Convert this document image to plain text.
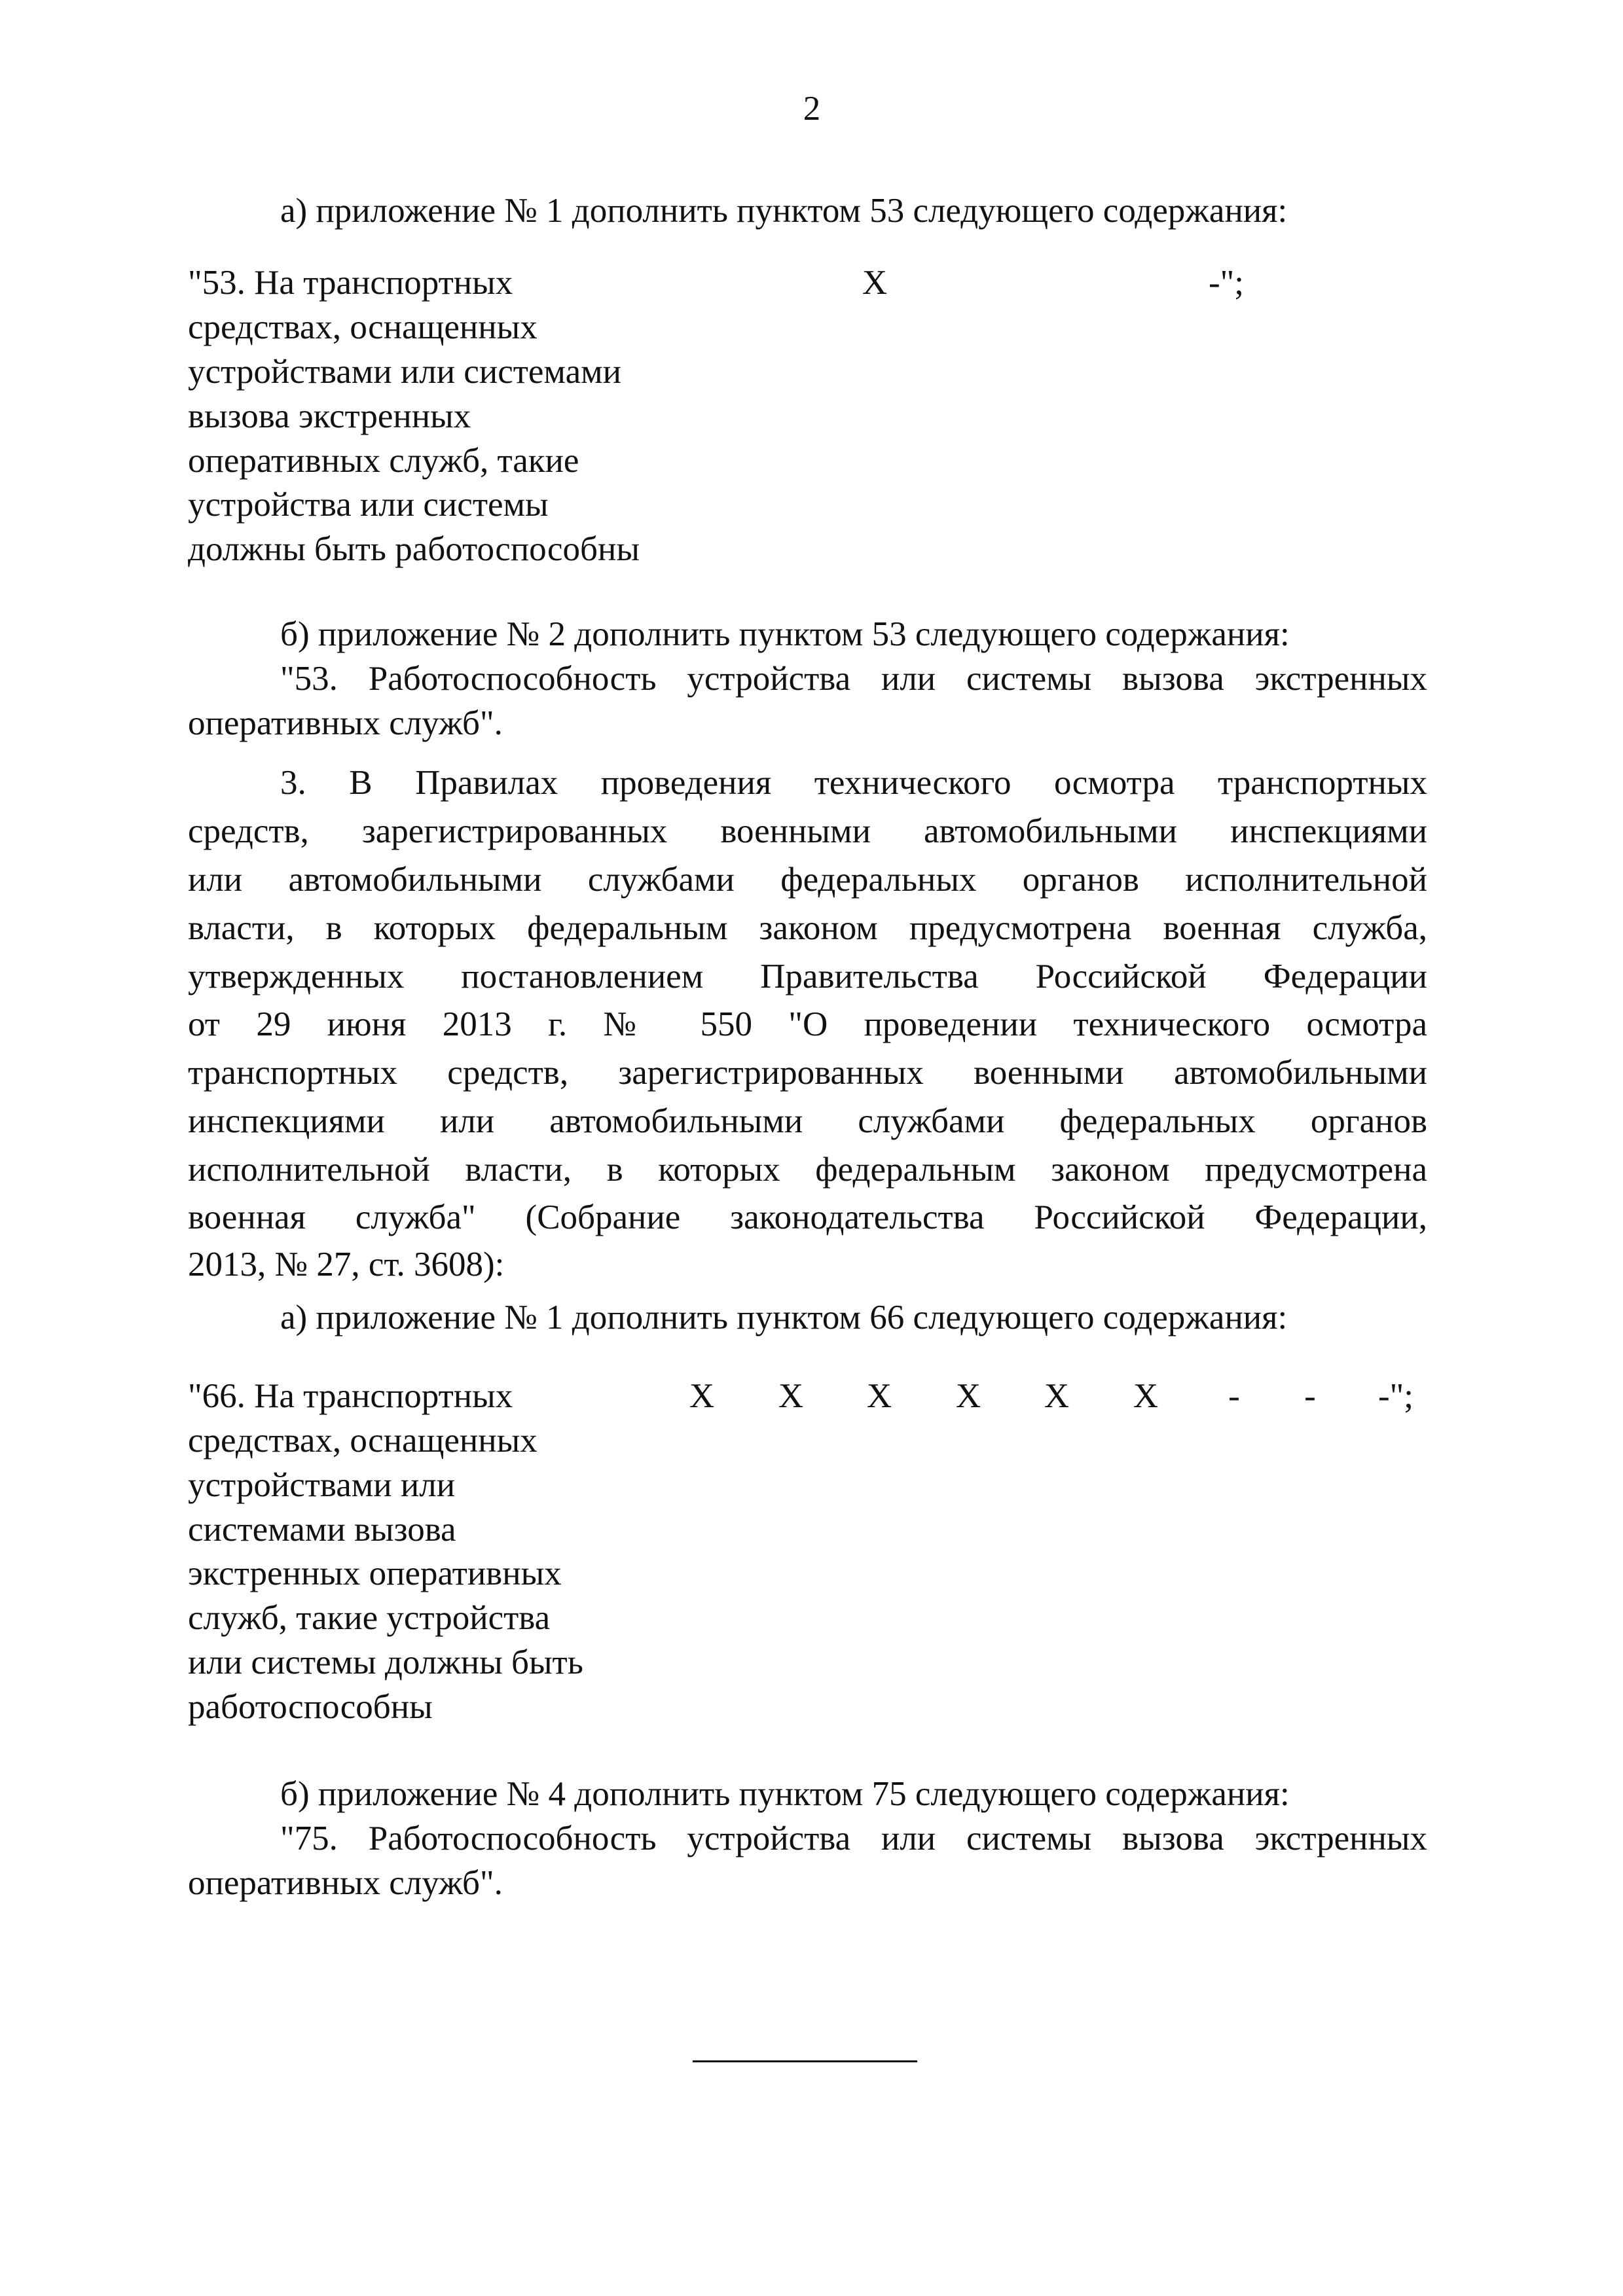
2
а) приложение № 1 дополнить пунктом 53 следующего содержания:
"53. На транспортных
средствах, оснащенных
устройствами или системами
вызова экстренных
оперативных служб, такие
устройства или системы
должны быть работоспособны
Х	-";
б) приложение № 2 дополнить пунктом 53 следующего содержания:
"53. Работоспособность устройства или системы вызова экстренных
оперативных служб".
3. В Правилах проведения технического осмотра транспортных
средств, зарегистрированных военными автомобильными инспекциями
или автомобильными службами федеральных органов исполнительной
власти, в которых федеральным законом предусмотрена военная служба,
утвержденных постановлением Правительства Российской Федерации
от 29 июня 2013 г. № 550 "О проведении технического осмотра
транспортных средств, зарегистрированных военными автомобильными
инспекциями или автомобильными службами федеральных органов
исполнительной власти, в которых федеральным законом предусмотрена
военная служба" (Собрание законодательства Российской Федерации,
2013, № 27, ст. 3608):
а) приложение № 1 дополнить пунктом 66 следующего содержания:
"66. На транспортных
средствах, оснащенных
устройствами или
системами вызова
экстренных оперативных
служб, такие устройства
или системы должны быть
работоспособны
Х Х Х Х Х Х	-	-	-";
б) приложение № 4 дополнить пунктом 75 следующего содержания:
"75. Работоспособность устройства или системы вызова экстренных
оперативных служб".
